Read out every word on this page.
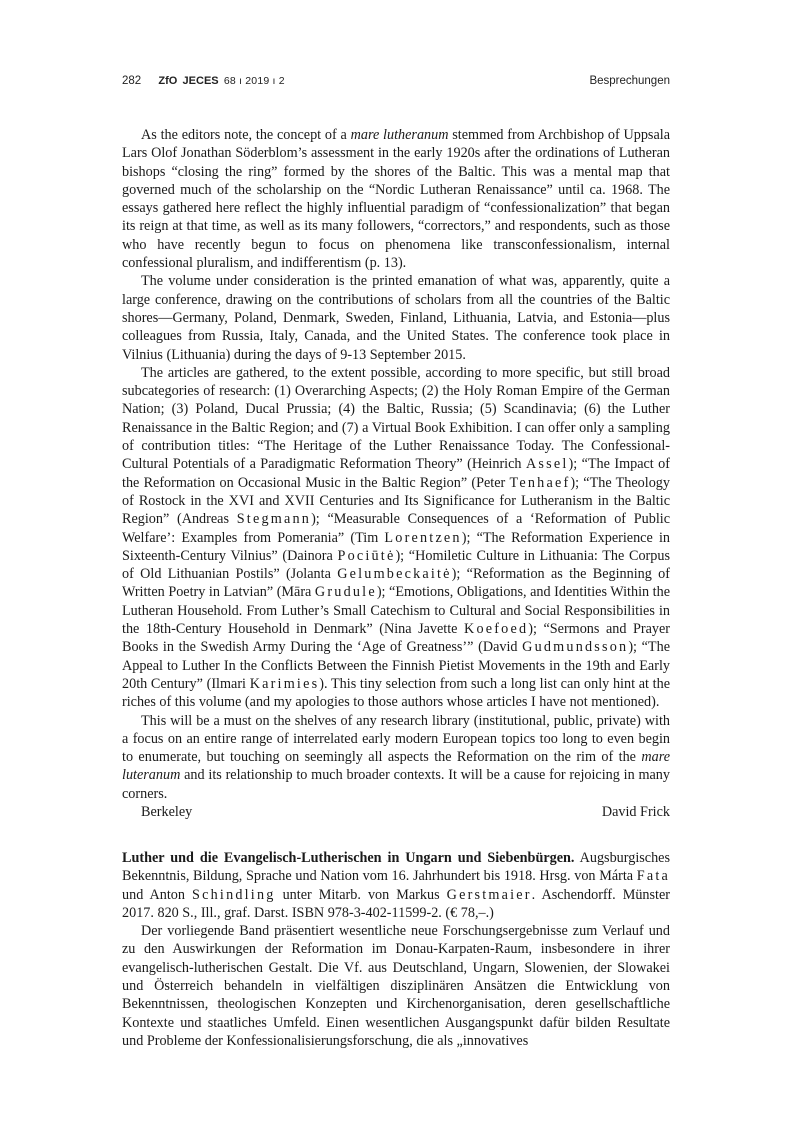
282 ZfO JECES 68 ı 2019 ı 2	Besprechungen

As the editors note, the concept of a mare lutheranum stemmed from Archbishop of Uppsala Lars Olof Jonathan Söderblom’s assessment in the early 1920s after the ordinations of Lutheran bishops “closing the ring” formed by the shores of the Baltic. This was a mental map that governed much of the scholarship on the “Nordic Lutheran Renaissance” until ca. 1968. The essays gathered here reflect the highly influential paradigm of “confessionalization” that began its reign at that time, as well as its many followers, “correctors,” and respondents, such as those who have recently begun to focus on phenomena like transconfessionalism, internal confessional pluralism, and indifferentism (p. 13).

The volume under consideration is the printed emanation of what was, apparently, quite a large conference, drawing on the contributions of scholars from all the countries of the Baltic shores—Germany, Poland, Denmark, Sweden, Finland, Lithuania, Latvia, and Estonia—plus colleagues from Russia, Italy, Canada, and the United States. The conference took place in Vilnius (Lithuania) during the days of 9-13 September 2015.

The articles are gathered, to the extent possible, according to more specific, but still broad subcategories of research: (1) Overarching Aspects; (2) the Holy Roman Empire of the German Nation; (3) Poland, Ducal Prussia; (4) the Baltic, Russia; (5) Scandinavia; (6) the Luther Renaissance in the Baltic Region; and (7) a Virtual Book Exhibition. I can offer only a sampling of contribution titles: “The Heritage of the Luther Renaissance Today. The Confessional-Cultural Potentials of a Paradigmatic Reformation Theory” (Heinrich Assel); “The Impact of the Reformation on Occasional Music in the Baltic Region” (Peter Tenhaef); “The Theology of Rostock in the XVI and XVII Centuries and Its Significance for Lutheranism in the Baltic Region” (Andreas Stegmann); “Measurable Consequences of a ‘Reformation of Public Welfare’: Examples from Pomerania” (Tim Lorentzen); “The Reformation Experience in Sixteenth-Century Vilnius” (Dainora Pociūtė); “Homiletic Culture in Lithuania: The Corpus of Old Lithuanian Postils” (Jolanta Gelumbeckaitė); “Reformation as the Beginning of Written Poetry in Latvian” (Māra Grudule); “Emotions, Obligations, and Identities Within the Lutheran Household. From Luther’s Small Catechism to Cultural and Social Responsibilities in the 18th-Century Household in Denmark” (Nina Javette Koefoed); “Sermons and Prayer Books in the Swedish Army During the ‘Age of Greatness’” (David Gudmundsson); “The Appeal to Luther In the Conflicts Between the Finnish Pietist Movements in the 19th and Early 20th Century” (Ilmari Karimies). This tiny selection from such a long list can only hint at the riches of this volume (and my apologies to those authors whose articles I have not mentioned).

This will be a must on the shelves of any research library (institutional, public, private) with a focus on an entire range of interrelated early modern European topics too long to even begin to enumerate, but touching on seemingly all aspects the Reformation on the rim of the mare luteranum and its relationship to much broader contexts. It will be a cause for rejoicing in many corners.

Berkeley	David Frick

Luther und die Evangelisch-Lutherischen in Ungarn und Siebenbürgen. Augsburgisches Bekenntnis, Bildung, Sprache und Nation vom 16. Jahrhundert bis 1918. Hrsg. von Márta Fata und Anton Schindling unter Mitarb. von Markus Gerstmaier. Aschendorff. Münster 2017. 820 S., Ill., graf. Darst. ISBN 978-3-402-11599-2. (€ 78,–.)

Der vorliegende Band präsentiert wesentliche neue Forschungsergebnisse zum Verlauf und zu den Auswirkungen der Reformation im Donau-Karpaten-Raum, insbesondere in ihrer evangelisch-lutherischen Gestalt. Die Vf. aus Deutschland, Ungarn, Slowenien, der Slowakei und Österreich behandeln in vielfältigen disziplinären Ansätzen die Entwicklung von Bekenntnissen, theologischen Konzepten und Kirchenorganisation, deren gesellschaftliche Kontexte und staatliches Umfeld. Einen wesentlichen Ausgangspunkt dafür bilden Resultate und Probleme der Konfessionalisierungsforschung, die als „innovatives
